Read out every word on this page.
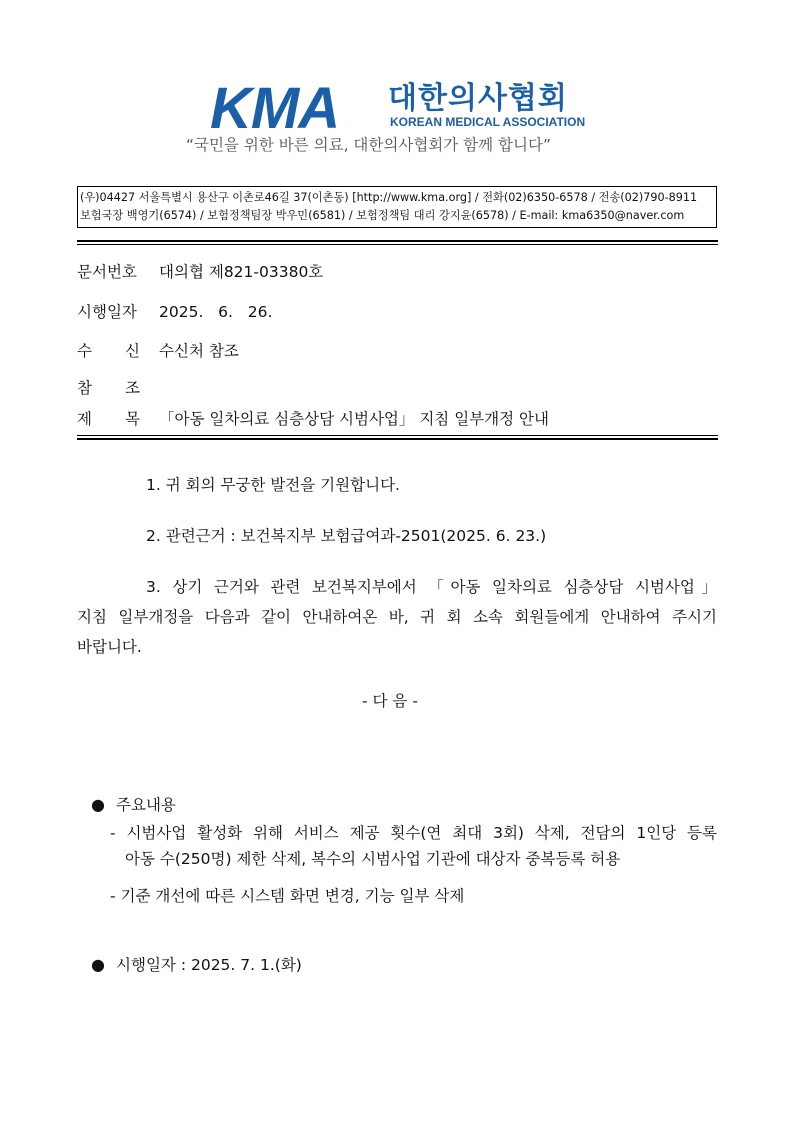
KMA 대한의사협회
KOREAN MEDICAL ASSOCIATION
“국민을 위한 바른 의료, 대한의사협회가 함께 합니다”
(우)04427 서울특별시 용산구 이촌로46길 37(이촌동) [http://www.kma.org] / 전화(02)6350-6578 / 전송(02)790-8911
보험국장 백영기(6574) / 보험정책팀장 박우민(6581) / 보험정책팀 대리 강지윤(6578) / E-mail: kma6350@naver.com
문서번호 대의협 제821-03380호
시행일자 2025.   6.   26.
수 신 수신처 참조
참 조
제 목 「아동 일차의료 심층상담 시범사업」 지침 일부개정 안내
1. 귀 회의 무궁한 발전을 기원합니다.
2. 관련근거 : 보건복지부 보험급여과-2501(2025. 6. 23.)
3. 상기 근거와 관련 보건복지부에서 「아동 일차의료 심층상담 시범사업」
지침 일부개정을 다음과 같이 안내하여온 바, 귀 회 소속 회원들에게 안내하여 주시기
바랍니다.
- 다 음 -
● 주요내용
- 시범사업 활성화 위해 서비스 제공 횟수(연 최대 3회) 삭제, 전담의 1인당 등록
아동 수(250명) 제한 삭제, 복수의 시범사업 기관에 대상자 중복등록 허용
- 기준 개선에 따른 시스템 화면 변경, 기능 일부 삭제
● 시행일자 : 2025. 7. 1.(화)
